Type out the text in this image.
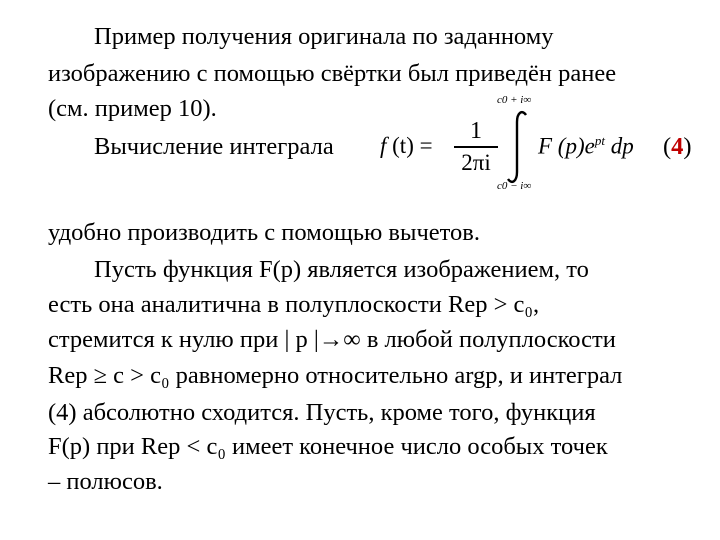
Пример получения оригинала по заданному
изображению с помощью свёртки был приведён ранее
(см. пример 10).
Вычисление интеграла f (t) =
1
2πi
c0 + i∞
c0 − i∞
F $(p)e^{pt}$ dp (4)
удобно производить с помощью вычетов.
Пусть функция F(p) является изображением, то
есть она аналитична в полуплоскости Rep > c₀,
стремится к нулю при | p |→∞ в любой полуплоскости
Rep ≥ c > c₀ равномерно относительно argp, и интеграл
(4) абсолютно сходится. Пусть, кроме того, функция
F(p) при Rep < c₀ имеет конечное число особых точек
– полюсов.
